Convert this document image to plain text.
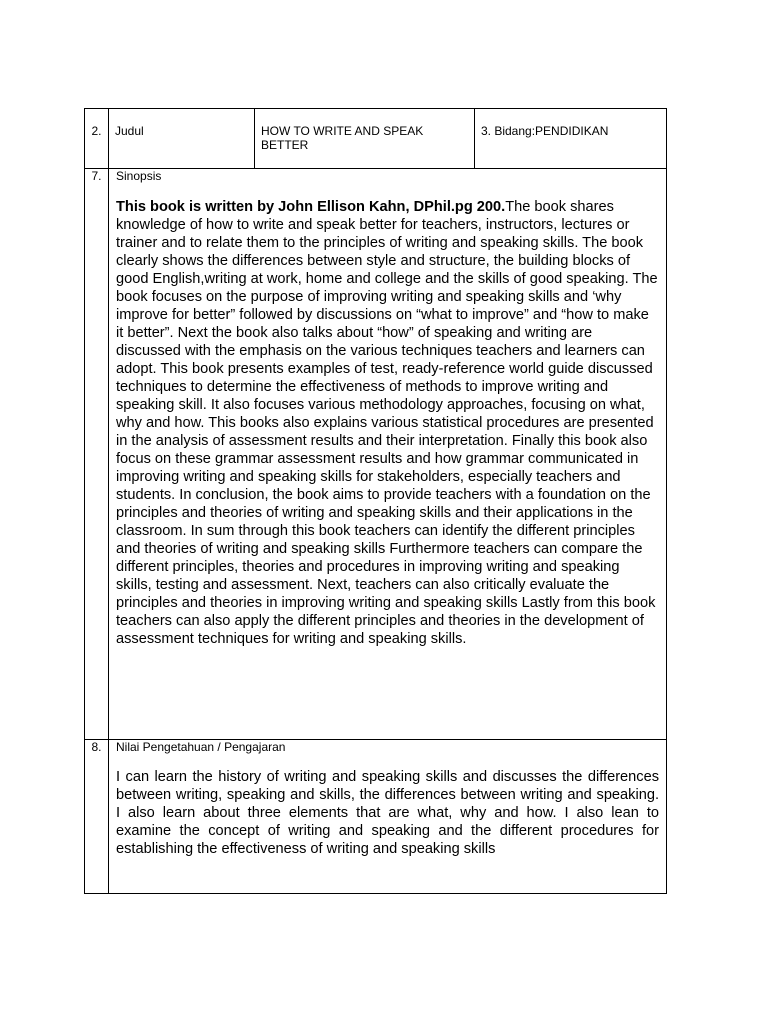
2.	Judul	HOW TO WRITE AND SPEAK BETTER	3. Bidang:PENDIDIKAN
7.	Sinopsis

This book is written by John Ellison Kahn, DPhil.pg 200.The book shares knowledge of how to write and speak better for teachers, instructors, lectures or trainer and to relate them to the principles of writing and speaking skills. The book clearly shows the differences between style and structure, the building blocks of good English,writing at work, home and college and the skills of good speaking. The book focuses on the purpose of improving writing and speaking skills and ‘why improve for better” followed by discussions on “what to improve” and “how to make it better”. Next the book also talks about “how” of speaking and writing are discussed with the emphasis on the various techniques teachers and learners can adopt. This book presents examples of test, ready-reference world guide discussed techniques to determine the effectiveness of methods to improve writing and speaking skill. It also focuses various methodology approaches, focusing on what, why and how. This books also explains various statistical procedures are presented in the analysis of assessment results and their interpretation. Finally this book also focus on these grammar assessment results and how grammar communicated in improving writing and speaking skills for stakeholders, especially teachers and students. In conclusion, the book aims to provide teachers with a foundation on the principles and theories of writing and speaking skills and their applications in the classroom. In sum through this book teachers can identify the different principles and theories of writing and speaking skills Furthermore teachers can compare the different principles, theories and procedures in improving writing and speaking skills, testing and assessment. Next, teachers can also critically evaluate the principles and theories in improving writing and speaking skills Lastly from this book teachers can also apply the different principles and theories in the development of assessment techniques for writing and speaking skills.		

8.	Nilai Pengetahuan / Pengajaran

I can learn the history of writing and speaking skills and discusses the differences between writing, speaking and skills, the differences between writing and speaking. I also learn about three elements that are what, why and how. I also lean to examine the concept of writing and speaking and the different procedures for establishing the effectiveness of writing and speaking skills		
